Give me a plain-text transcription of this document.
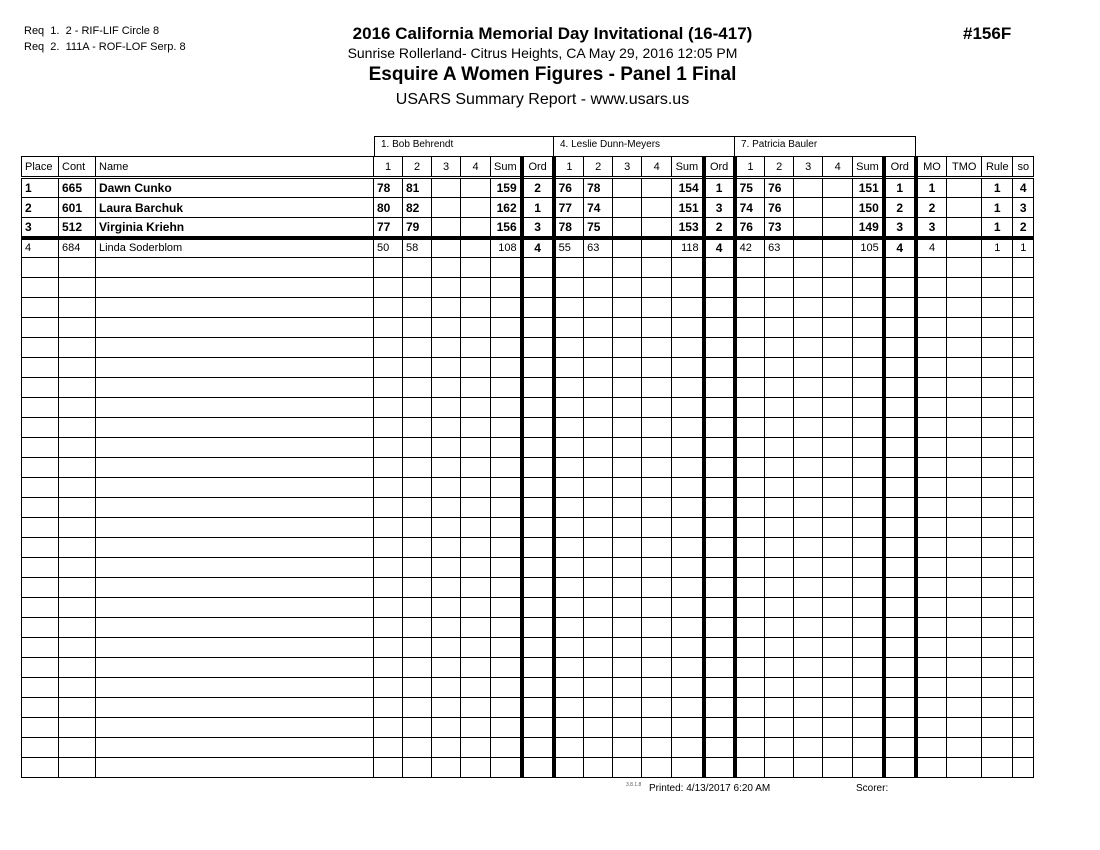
Req  1.  2 - RIF-LIF Circle 8
Req  2.  111A - ROF-LOF Serp. 8
2016 California Memorial Day Invitational (16-417)
Sunrise Rollerland- Citrus Heights, CA May 29, 2016 12:05 PM
Esquire A Women Figures - Panel 1 Final
USARS Summary Report - www.usars.us
#156F
1. Bob Behrendt	4. Leslie Dunn-Meyers	7. Patricia Bauler
Place	Cont	Name	1	2	3	4	Sum	Ord	1	2	3	4	Sum	Ord	1	2	3	4	Sum	Ord	MO	TMO	Rule	so
1	665	Dawn Cunko	78	81			159	2	76	78			154	1	75	76			151	1	1		1	4
2	601	Laura Barchuk	80	82			162	1	77	74			151	3	74	76			150	2	2		1	3
3	512	Virginia Kriehn	77	79			156	3	78	75			153	2	76	73			149	3	3		1	2
4	684	Linda Soderblom	50	58			108	4	55	63			118	4	42	63			105	4	4		1	1

3.8.1.8 Printed: 4/13/2017 6:20 AM	Scorer:
